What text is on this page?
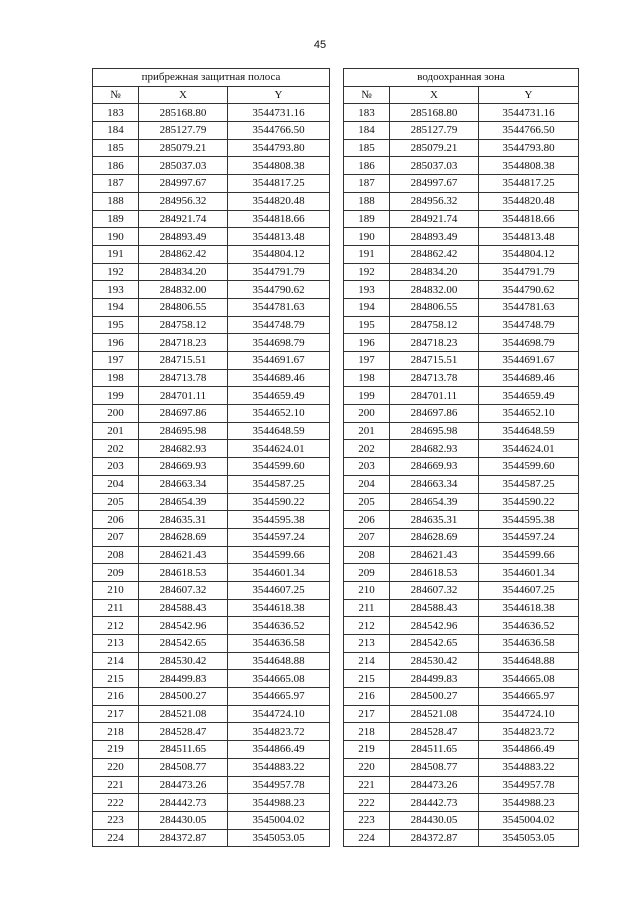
45
прибрежная защитная полоса		
№	X	Y
183	285168.80	3544731.16
184	285127.79	3544766.50
185	285079.21	3544793.80
186	285037.03	3544808.38
187	284997.67	3544817.25
188	284956.32	3544820.48
189	284921.74	3544818.66
190	284893.49	3544813.48
191	284862.42	3544804.12
192	284834.20	3544791.79
193	284832.00	3544790.62
194	284806.55	3544781.63
195	284758.12	3544748.79
196	284718.23	3544698.79
197	284715.51	3544691.67
198	284713.78	3544689.46
199	284701.11	3544659.49
200	284697.86	3544652.10
201	284695.98	3544648.59
202	284682.93	3544624.01
203	284669.93	3544599.60
204	284663.34	3544587.25
205	284654.39	3544590.22
206	284635.31	3544595.38
207	284628.69	3544597.24
208	284621.43	3544599.66
209	284618.53	3544601.34
210	284607.32	3544607.25
211	284588.43	3544618.38
212	284542.96	3544636.52
213	284542.65	3544636.58
214	284530.42	3544648.88
215	284499.83	3544665.08
216	284500.27	3544665.97
217	284521.08	3544724.10
218	284528.47	3544823.72
219	284511.65	3544866.49
220	284508.77	3544883.22
221	284473.26	3544957.78
222	284442.73	3544988.23
223	284430.05	3545004.02
224	284372.87	3545053.05
водоохранная зона		
№	X	Y
183	285168.80	3544731.16
184	285127.79	3544766.50
185	285079.21	3544793.80
186	285037.03	3544808.38
187	284997.67	3544817.25
188	284956.32	3544820.48
189	284921.74	3544818.66
190	284893.49	3544813.48
191	284862.42	3544804.12
192	284834.20	3544791.79
193	284832.00	3544790.62
194	284806.55	3544781.63
195	284758.12	3544748.79
196	284718.23	3544698.79
197	284715.51	3544691.67
198	284713.78	3544689.46
199	284701.11	3544659.49
200	284697.86	3544652.10
201	284695.98	3544648.59
202	284682.93	3544624.01
203	284669.93	3544599.60
204	284663.34	3544587.25
205	284654.39	3544590.22
206	284635.31	3544595.38
207	284628.69	3544597.24
208	284621.43	3544599.66
209	284618.53	3544601.34
210	284607.32	3544607.25
211	284588.43	3544618.38
212	284542.96	3544636.52
213	284542.65	3544636.58
214	284530.42	3544648.88
215	284499.83	3544665.08
216	284500.27	3544665.97
217	284521.08	3544724.10
218	284528.47	3544823.72
219	284511.65	3544866.49
220	284508.77	3544883.22
221	284473.26	3544957.78
222	284442.73	3544988.23
223	284430.05	3545004.02
224	284372.87	3545053.05
